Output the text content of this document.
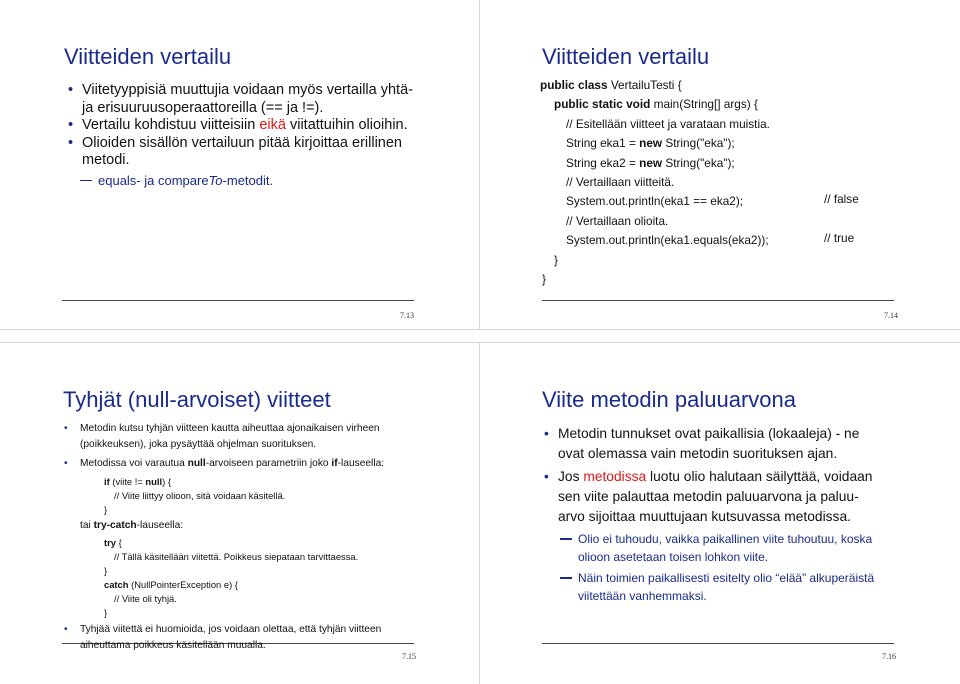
Viitteiden vertailu
7.13
• Viitetyyppisiä muuttujia voidaan myös vertailla yhtä-
ja erisuuruusoperaattoreilla (== ja !=).
• Vertailu kohdistuu viitteisiin eikä viitattuihin olioihin.
• Olioiden sisällön vertailuun pitää kirjoittaa erillinen
metodi.
equals- ja compareTo-metodit.
Viitteiden vertailu
7.14
public class VertailuTesti {
public static void main(String[] args) {
// Esitellään viitteet ja varataan muistia.
String eka1 = new String("eka");
String eka2 = new String("eka");
// Vertaillaan viitteitä.
System.out.println(eka1 == eka2);
// Vertaillaan olioita.
System.out.println(eka1.equals(eka2));
}
}
// false
// true
Tyhjät (null-arvoiset) viitteet
7.15
• Metodin kutsu tyhjän viitteen kautta aiheuttaa ajonaikaisen virheen
(poikkeuksen), joka pysäyttää ohjelman suorituksen.
• Metodissa voi varautua null-arvoiseen parametriin joko if-lauseella:
if (viite != null) {
// Viite liittyy olioon, sitä voidaan käsitellä.
}
tai try-catch-lauseella:
try {
// Tällä käsitellään viitettä. Poikkeus siepataan tarvittaessa.
}
catch (NullPointerException e) {
// Viite oli tyhjä.
}
• Tyhjää viitettä ei huomioida, jos voidaan olettaa, että tyhjän viitteen
aiheuttama poikkeus käsitellään muualla.
Viite metodin paluuarvona
7.16
• Metodin tunnukset ovat paikallisia (lokaaleja) - ne
ovat olemassa vain metodin suorituksen ajan.
• Jos metodissa luotu olio halutaan säilyttää, voidaan
sen viite palauttaa metodin paluuarvona ja paluu-
arvo sijoittaa muuttujaan kutsuvassa metodissa.
Olio ei tuhoudu, vaikka paikallinen viite tuhoutuu, koska
olioon asetetaan toisen lohkon viite.
Näin toimien paikallisesti esitelty olio “elää” alkuperäistä
viitettään vanhemmaksi.
